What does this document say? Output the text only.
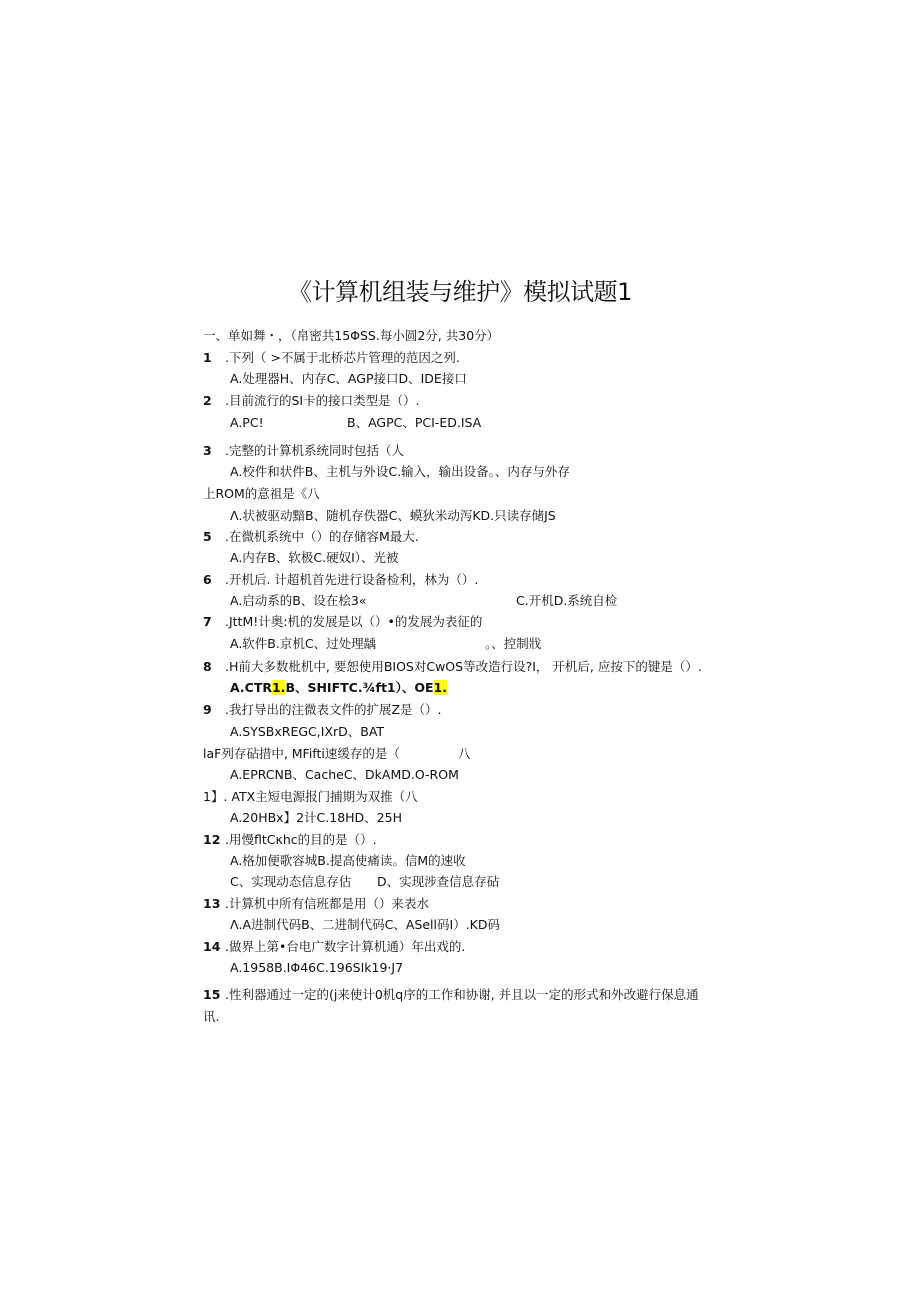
《计算机组装与维护》模拟试题1
一、单如舞・，（帛密共15ΦSS.每小圆2分, 共30分）
1 .下列（ >不属于北桥芯片管理的范因之列.
A.处理器H、内存C、AGP接口D、IDE接口
2 .目前流行的SI卡的接口类型是（）.
A.PC!	B、AGPC、PCI-ED.ISA
3 .完整的计算机系统同时包括（人
A.校件和状件B、主机与外设C.输入，输出设备。、内存与外存
上ROM的意祖是《八
Λ.状被驱动黯B、随机存佚器C、蟆狄米动泻KD.只读存储JS
5 .在微机系统中（）的存储容M最大.
A.内存B、软极C.硬奴I）、光被
6 .开机后. 计超机首先进行设备检利，林为（）.
A.启动系的B、设在桧3«	C.开机D.系统自检
7 .JttM!计奥:机的发展是以（）•的发展为表征的
A.软件B.京机C、过处理龋	。、控制戕
8 .H前大多数枇机中, 要恕使用BIOS对CwOS等改造行设?I， 开机后, 应按下的键是（）.
A.CTR1.B、SHIFTC.¾ft1）、OE1.
9 .我打导出的注微表文件的扩展Z是（）.
A.SYSBxREGC,IXrD、BAT
laF列存砧措中, MFifti速缓存的是（	八
A.EPRCNB、CacheC、DkAMD.O-ROM
1】. ATX主短电源报门捕期为双推（八
A.20HBx】2计C.18HD、25H
12 .用慢fltCκhc的目的是（）.
A.格加便歌容城B.提高使痛读。信M的速收
C、实现动态信息存估 D、实现涉查信息存砧
13 .计算机中所有信班都是用（）来表水
Λ.A进制代码B、二进制代码C、ASell码I）.KD码
14 .做界上第•台电广数字计算机通）年出戏的.
A.1958B.IΦ46C.196SIk19·J7
15 .性利器通过一定的(j来使计0机q序的工作和协谢, 并且以一定的形式和外改避行保息通
讯.
